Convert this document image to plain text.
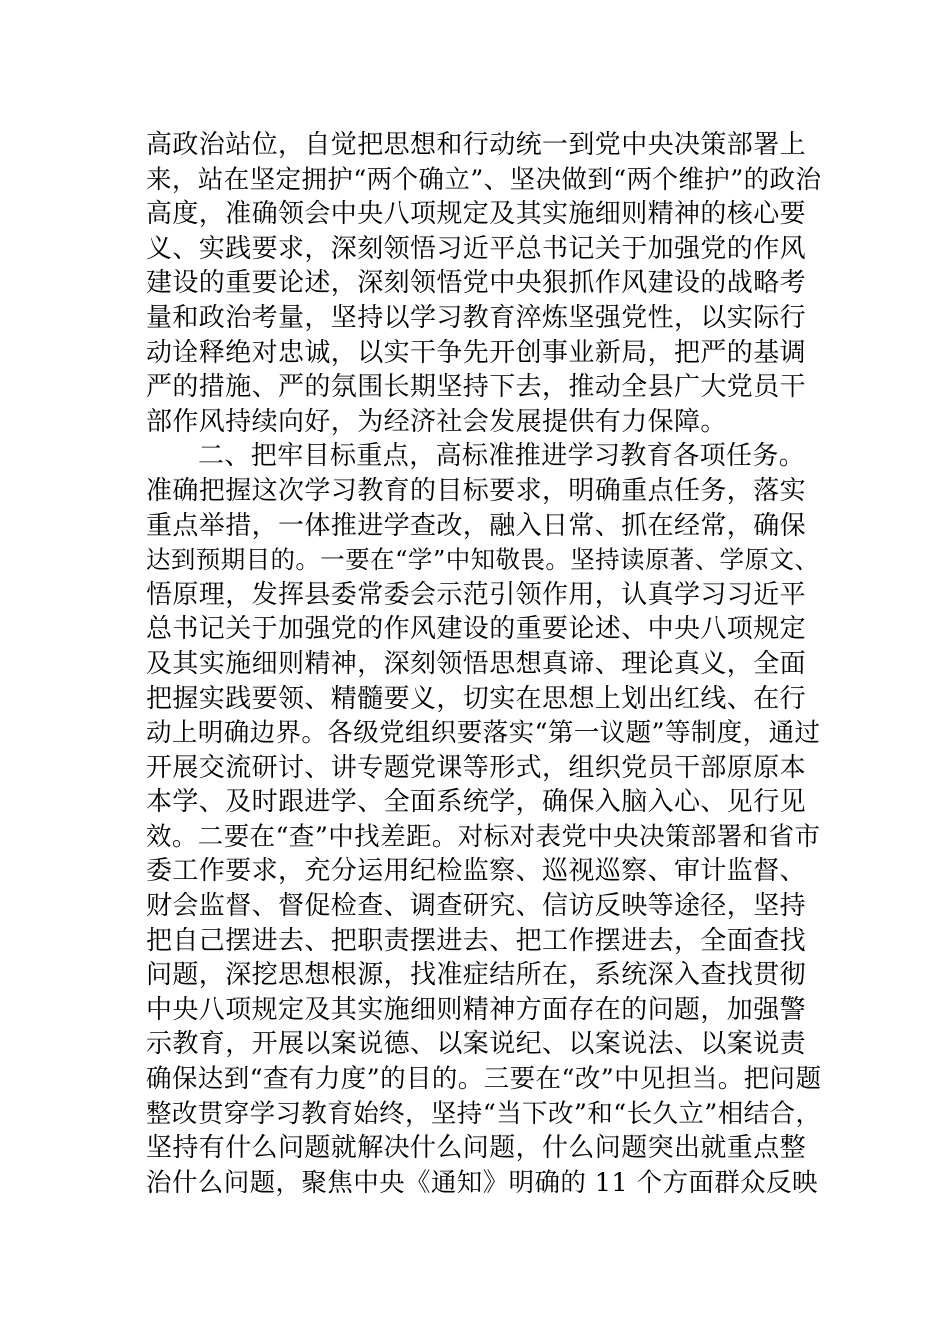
高政治站位，自觉把思想和行动统一到党中央决策部署上
来，站在坚定拥护“两个确立”、坚决做到“两个维护”的政治
高度，准确领会中央八项规定及其实施细则精神的核心要
义、实践要求，深刻领悟习近平总书记关于加强党的作风
建设的重要论述，深刻领悟党中央狠抓作风建设的战略考
量和政治考量，坚持以学习教育淬炼坚强党性，以实际行
动诠释绝对忠诚，以实干争先开创事业新局，把严的基调
严的措施、严的氛围长期坚持下去，推动全县广大党员干
部作风持续向好，为经济社会发展提供有力保障。
二、把牢目标重点，高标准推进学习教育各项任务。
准确把握这次学习教育的目标要求，明确重点任务，落实
重点举措，一体推进学查改，融入日常、抓在经常，确保
达到预期目的。一要在“学”中知敬畏。坚持读原著、学原文、
悟原理，发挥县委常委会示范引领作用，认真学习习近平
总书记关于加强党的作风建设的重要论述、中央八项规定
及其实施细则精神，深刻领悟思想真谛、理论真义，全面
把握实践要领、精髓要义，切实在思想上划出红线、在行
动上明确边界。各级党组织要落实“第一议题”等制度，通过
开展交流研讨、讲专题党课等形式，组织党员干部原原本
本学、及时跟进学、全面系统学，确保入脑入心、见行见
效。二要在“查”中找差距。对标对表党中央决策部署和省市
委工作要求，充分运用纪检监察、巡视巡察、审计监督、
财会监督、督促检查、调查研究、信访反映等途径，坚持
把自己摆进去、把职责摆进去、把工作摆进去，全面查找
问题，深挖思想根源，找准症结所在，系统深入查找贯彻
中央八项规定及其实施细则精神方面存在的问题，加强警
示教育，开展以案说德、以案说纪、以案说法、以案说责
确保达到“查有力度”的目的。三要在“改”中见担当。把问题
整改贯穿学习教育始终，坚持“当下改”和“长久立”相结合，
坚持有什么问题就解决什么问题，什么问题突出就重点整
治什么问题，聚焦中央《通知》明确的 11 个方面群众反映
